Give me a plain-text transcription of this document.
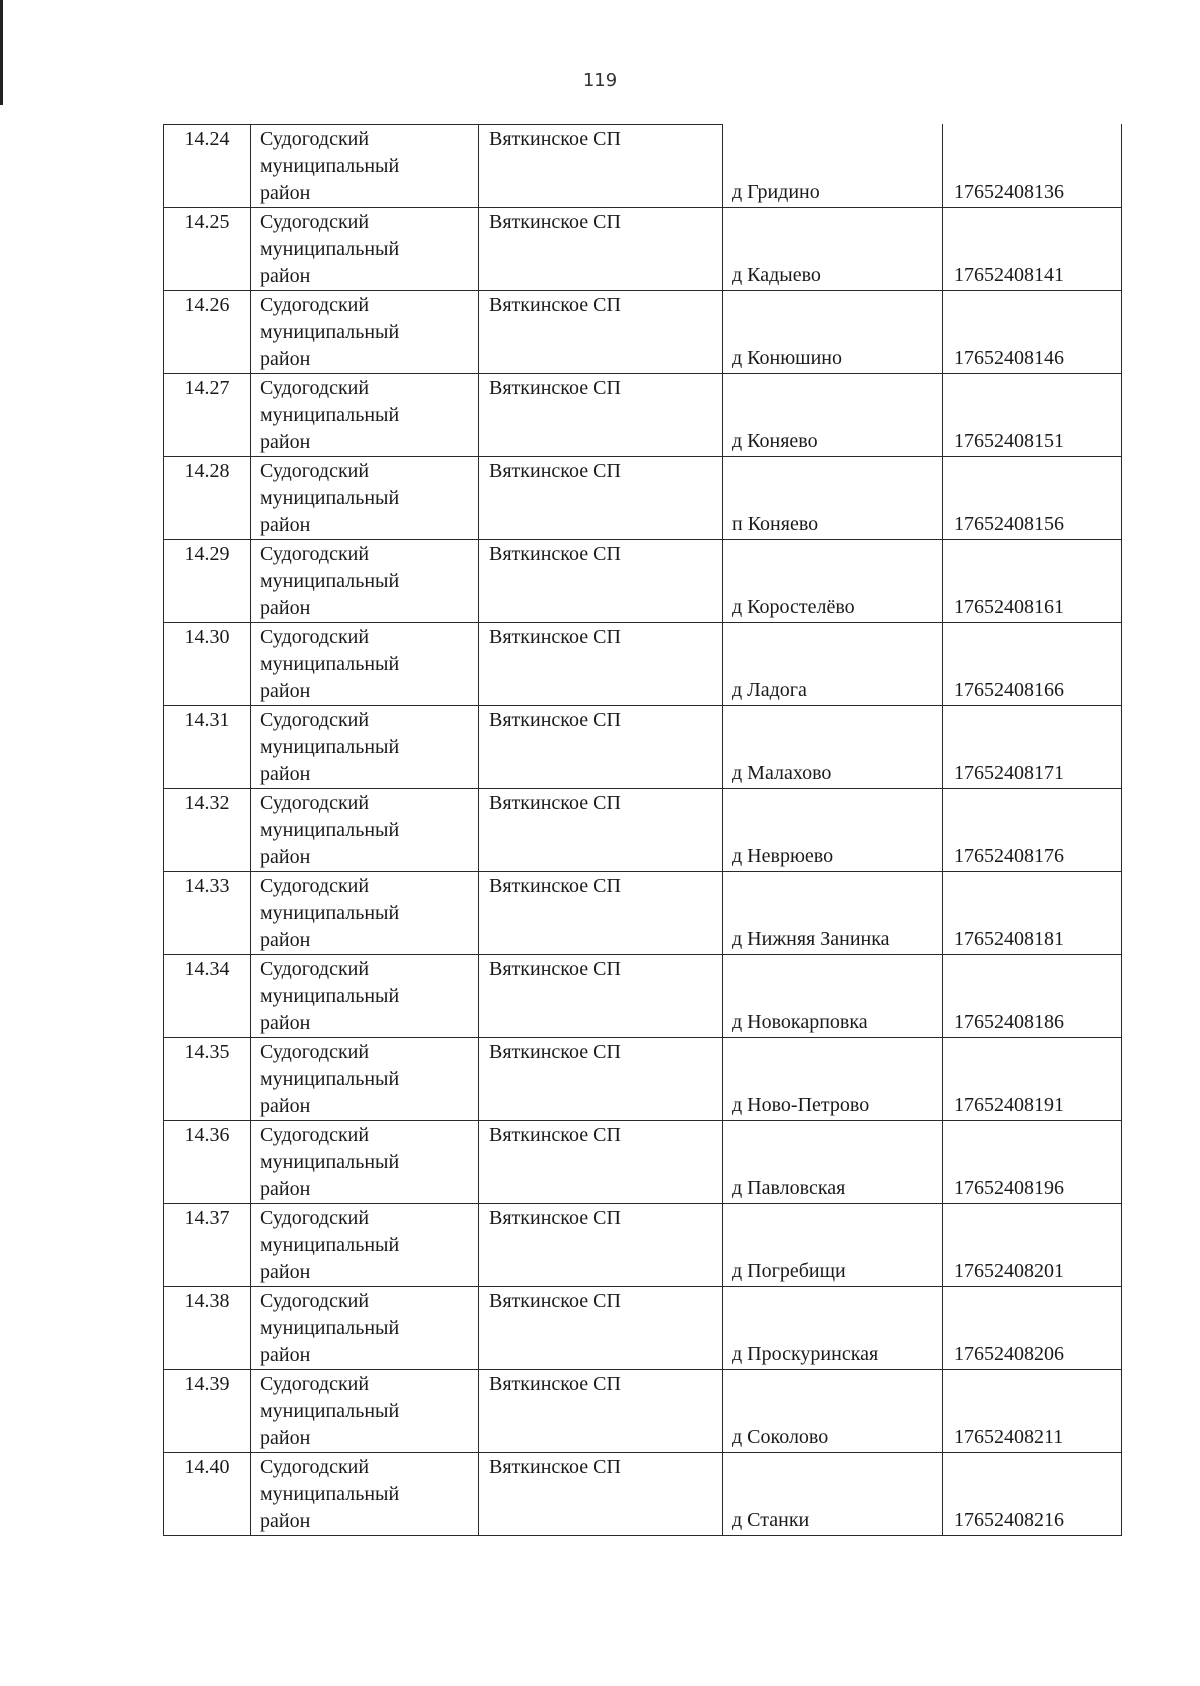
119
14.24	Судогодский
муниципальный
район	Вяткинское СП	д Гридино	17652408136
14.25	Судогодский
муниципальный
район	Вяткинское СП	д Кадыево	17652408141
14.26	Судогодский
муниципальный
район	Вяткинское СП	д Конюшино	17652408146
14.27	Судогодский
муниципальный
район	Вяткинское СП	д Коняево	17652408151
14.28	Судогодский
муниципальный
район	Вяткинское СП	п Коняево	17652408156
14.29	Судогодский
муниципальный
район	Вяткинское СП	д Коростелёво	17652408161
14.30	Судогодский
муниципальный
район	Вяткинское СП	д Ладога	17652408166
14.31	Судогодский
муниципальный
район	Вяткинское СП	д Малахово	17652408171
14.32	Судогодский
муниципальный
район	Вяткинское СП	д Неврюево	17652408176
14.33	Судогодский
муниципальный
район	Вяткинское СП	д Нижняя Занинка	17652408181
14.34	Судогодский
муниципальный
район	Вяткинское СП	д Новокарповка	17652408186
14.35	Судогодский
муниципальный
район	Вяткинское СП	д Ново-Петрово	17652408191
14.36	Судогодский
муниципальный
район	Вяткинское СП	д Павловская	17652408196
14.37	Судогодский
муниципальный
район	Вяткинское СП	д Погребищи	17652408201
14.38	Судогодский
муниципальный
район	Вяткинское СП	д Проскуринская	17652408206
14.39	Судогодский
муниципальный
район	Вяткинское СП	д Соколово	17652408211
14.40	Судогодский
муниципальный
район	Вяткинское СП	д Станки	17652408216
